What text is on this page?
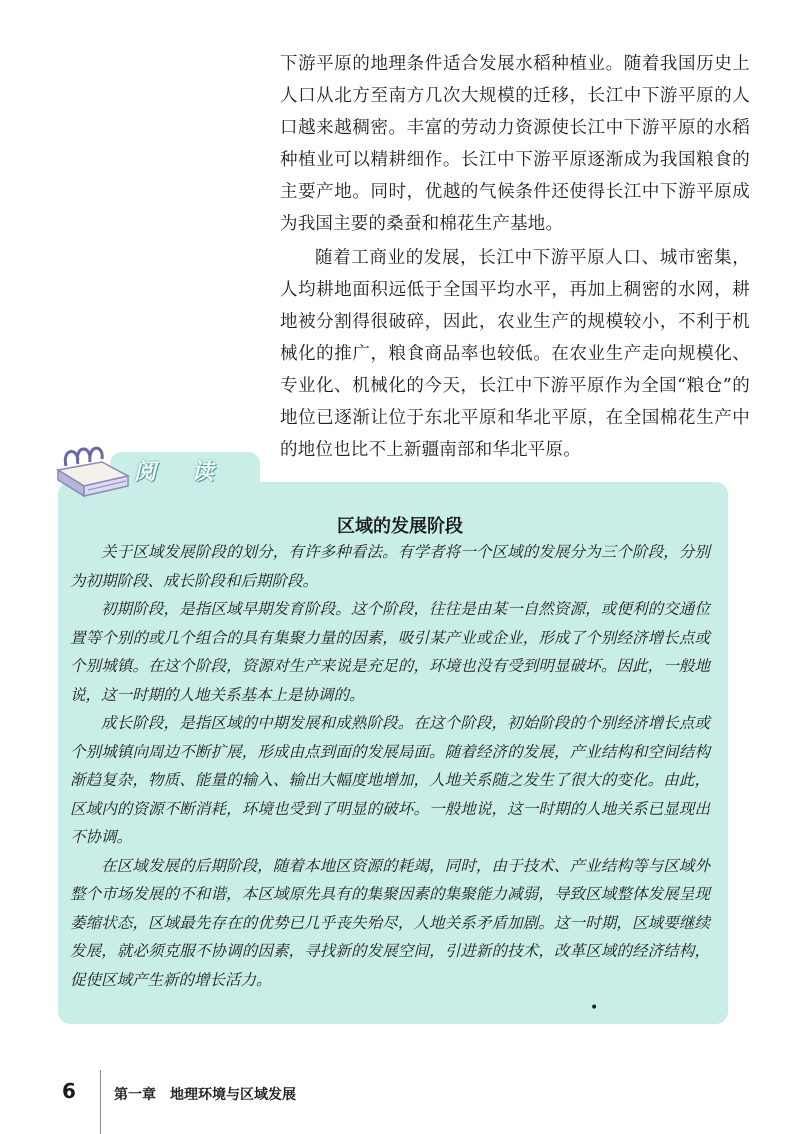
下游平原的地理条件适合发展水稻种植业。随着我国历史上人口从北方至南方几次大规模的迁移，长江中下游平原的人口越来越稠密。丰富的劳动力资源使长江中下游平原的水稻种植业可以精耕细作。长江中下游平原逐渐成为我国粮食的主要产地。同时，优越的气候条件还使得长江中下游平原成为我国主要的桑蚕和棉花生产基地。

随着工商业的发展，长江中下游平原人口、城市密集，人均耕地面积远低于全国平均水平，再加上稠密的水网，耕地被分割得很破碎，因此，农业生产的规模较小，不利于机械化的推广，粮食商品率也较低。在农业生产走向规模化、专业化、机械化的今天，长江中下游平原作为全国“粮仓”的地位已逐渐让位于东北平原和华北平原，在全国棉花生产中的地位也比不上新疆南部和华北平原。

阅 读
区域的发展阶段

关于区域发展阶段的划分，有许多种看法。有学者将一个区域的发展分为三个阶段，分别为初期阶段、成长阶段和后期阶段。

初期阶段，是指区域早期发育阶段。这个阶段，往往是由某一自然资源，或便利的交通位置等个别的或几个组合的具有集聚力量的因素，吸引某产业或企业，形成了个别经济增长点或个别城镇。在这个阶段，资源对生产来说是充足的，环境也没有受到明显破坏。因此，一般地说，这一时期的人地关系基本上是协调的。

成长阶段，是指区域的中期发展和成熟阶段。在这个阶段，初始阶段的个别经济增长点或个别城镇向周边不断扩展，形成由点到面的发展局面。随着经济的发展，产业结构和空间结构渐趋复杂，物质、能量的输入、输出大幅度地增加，人地关系随之发生了很大的变化。由此，区域内的资源不断消耗，环境也受到了明显的破坏。一般地说，这一时期的人地关系已显现出不协调。

在区域发展的后期阶段，随着本地区资源的耗竭，同时，由于技术、产业结构等与区域外整个市场发展的不和谐，本区域原先具有的集聚因素的集聚能力减弱，导致区域整体发展呈现萎缩状态，区域最先存在的优势已几乎丧失殆尽，人地关系矛盾加剧。这一时期，区域要继续发展，就必须克服不协调的因素，寻找新的发展空间，引进新的技术，改革区域的经济结构，促使区域产生新的增长活力。

•
6	第一章 地理环境与区域发展
